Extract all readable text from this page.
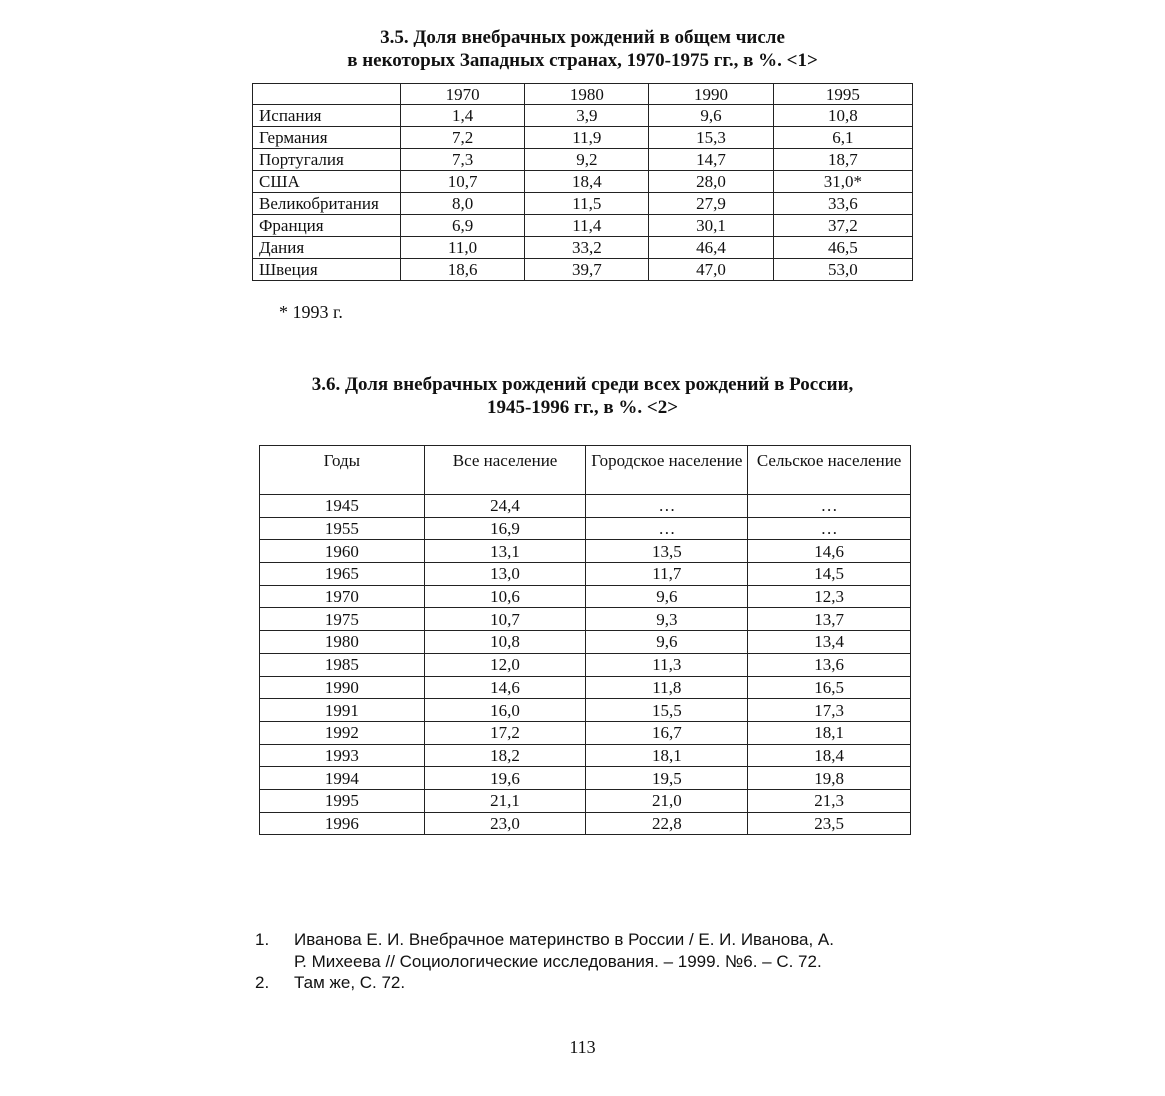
3.5. Доля внебрачных рождений в общем числе
в некоторых Западных странах, 1970-1975 гг., в %. <1>
	1970	1980	1990	1995
Испания	1,4	3,9	9,6	10,8
Германия	7,2	11,9	15,3	6,1
Португалия	7,3	9,2	14,7	18,7
США	10,7	18,4	28,0	31,0*
Великобритания	8,0	11,5	27,9	33,6
Франция	6,9	11,4	30,1	37,2
Дания	11,0	33,2	46,4	46,5
Швеция	18,6	39,7	47,0	53,0
* 1993 г.
3.6. Доля внебрачных рождений среди всех рождений в России,
1945-1996 гг., в %. <2>
Годы	Все население	Городское население	Сельское население
1945	24,4	…	…
1955	16,9	…	…
1960	13,1	13,5	14,6
1965	13,0	11,7	14,5
1970	10,6	9,6	12,3
1975	10,7	9,3	13,7
1980	10,8	9,6	13,4
1985	12,0	11,3	13,6
1990	14,6	11,8	16,5
1991	16,0	15,5	17,3
1992	17,2	16,7	18,1
1993	18,2	18,1	18,4
1994	19,6	19,5	19,8
1995	21,1	21,0	21,3
1996	23,0	22,8	23,5
1. Иванова Е. И. Внебрачное материнство в России / Е. И. Иванова, А.
Р. Михеева // Социологические исследования. – 1999. №6. – С. 72.
2. Там же, С. 72.
113
